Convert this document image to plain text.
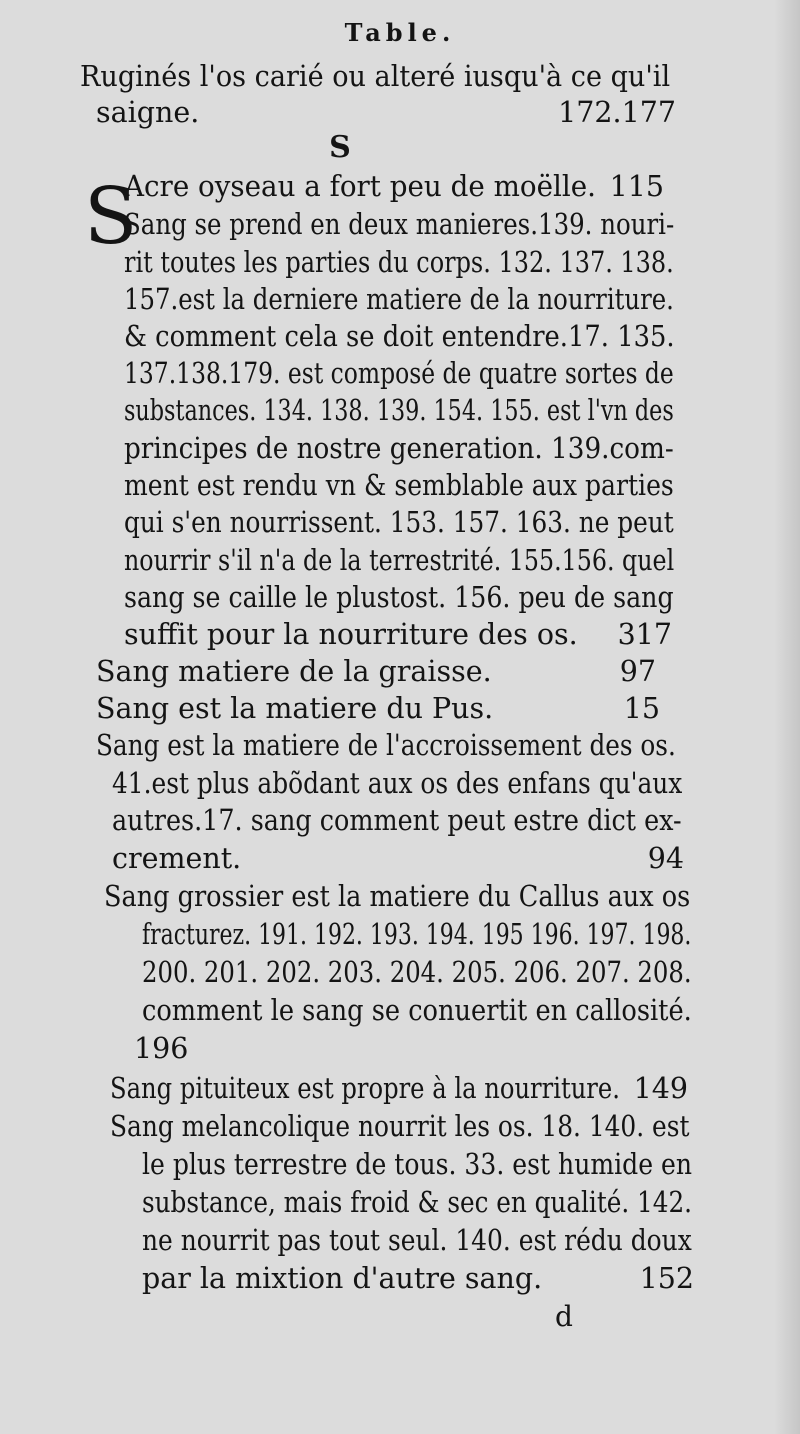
Table.
Ruginés l'os carié ou alteré iusqu'à ce qu'il
saigne.	172.177
S
S
Acre oyseau a fort peu de moëlle. 115
Sang se prend en deux manieres.139. nouri-
rit toutes les parties du corps. 132. 137. 138.
157.est la derniere matiere de la nourriture.
& comment cela se doit entendre.17. 135.
137.138.179. est composé de quatre sortes de
substances. 134. 138. 139. 154. 155. est l'vn des
principes de nostre generation. 139.com-
ment est rendu vn & semblable aux parties
qui s'en nourrissent. 153. 157. 163. ne peut
nourrir s'il n'a de la terrestrité. 155.156. quel
sang se caille le plustost. 156. peu de sang
suffit pour la nourriture des os. 317
Sang matiere de la graisse.	97
Sang est la matiere du Pus.	15
Sang est la matiere de l'accroissement des os.
41.est plus abõdant aux os des enfans qu'aux
autres.17. sang comment peut estre dict ex-
crement.	94
Sang grossier est la matiere du Callus aux os
fracturez. 191. 192. 193. 194. 195 196. 197. 198.
200. 201. 202. 203. 204. 205. 206. 207. 208.
comment le sang se conuertit en callosité.
196
Sang pituiteux est propre à la nourriture. 149
Sang melancolique nourrit les os. 18. 140. est
le plus terrestre de tous. 33. est humide en
substance, mais froid & sec en qualité. 142.
ne nourrit pas tout seul. 140. est rédu doux
par la mixtion d'autre sang.	152
d
